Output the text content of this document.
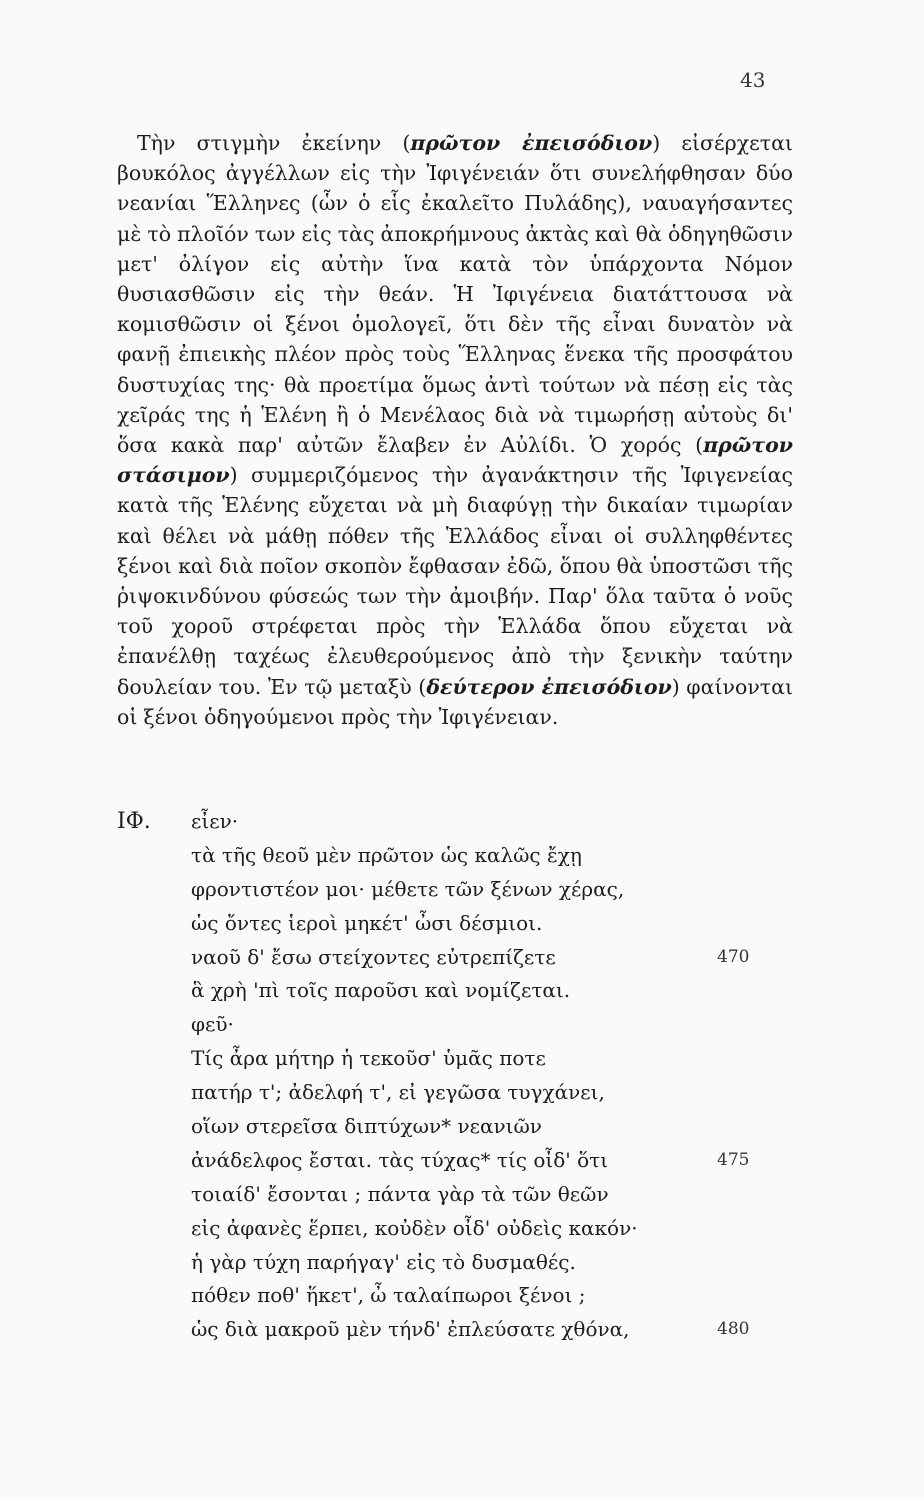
43

Τὴν στιγμὴν ἐκείνην (πρῶτον ἐπεισόδιον) εἰσέρχεται βουκόλος ἀγγέλλων εἰς τὴν Ἰφιγένειάν ὅτι συνελήφθησαν δύο νεανίαι Ἕλληνες (ὧν ὁ εἷς ἐκαλεῖτο Πυλάδης), ναυαγήσαντες μὲ τὸ πλοῖόν των εἰς τὰς ἀποκρήμνους ἀκτὰς καὶ θὰ ὁδηγηθῶσιν μετ' ὀλίγον εἰς αὐτὴν ἵνα κατὰ τὸν ὑπάρχοντα Νόμον θυσιασθῶσιν εἰς τὴν θεάν. Ἡ Ἰφιγένεια διατάττουσα νὰ κομισθῶσιν οἱ ξένοι ὁμολογεῖ, ὅτι δὲν τῆς εἶναι δυνατὸν νὰ φανῇ ἐπιεικὴς πλέον πρὸς τοὺς Ἕλληνας ἕνεκα τῆς προσφάτου δυστυχίας της· θὰ προετίμα ὅμως ἀντὶ τούτων νὰ πέσῃ εἰς τὰς χεῖράς της ἡ Ἑλένη ἢ ὁ Μενέλαος διὰ νὰ τιμωρήσῃ αὐτοὺς δι' ὅσα κακὰ παρ' αὐτῶν ἔλαβεν ἐν Αὐλίδι. Ὁ χορός (πρῶτον στάσιμον) συμμεριζόμενος τὴν ἀγανάκτησιν τῆς Ἰφιγενείας κατὰ τῆς Ἑλένης εὔχεται νὰ μὴ διαφύγῃ τὴν δικαίαν τιμωρίαν καὶ θέλει νὰ μάθῃ πόθεν τῆς Ἑλλάδος εἶναι οἱ συλληφθέντες ξένοι καὶ διὰ ποῖον σκοπὸν ἔφθασαν ἐδῶ, ὅπου θὰ ὑποστῶσι τῆς ῥιψοκινδύνου φύσεώς των τὴν ἀμοιβήν. Παρ' ὅλα ταῦτα ὁ νοῦς τοῦ χοροῦ στρέφεται πρὸς τὴν Ἑλλάδα ὅπου εὔχεται νὰ ἐπανέλθῃ ταχέως ἐλευθερούμενος ἀπὸ τὴν ξενικὴν ταύτην δουλείαν του. Ἐν τῷ μεταξὺ (δεύτερον ἐπεισόδιον) φαίνονται οἱ ξένοι ὁδηγούμενοι πρὸς τὴν Ἰφιγένειαν.

ΙΦ. εἶεν·
τὰ τῆς θεοῦ μὲν πρῶτον ὡς καλῶς ἔχῃ
φροντιστέον μοι· μέθετε τῶν ξένων χέρας,
ὡς ὄντες ἱεροὶ μηκέτ' ὦσι δέσμιοι.
ναοῦ δ' ἔσω στείχοντες εὐτρεπίζετε	470
ἃ χρὴ 'πὶ τοῖς παροῦσι καὶ νομίζεται.
φεῦ·
Τίς ἆρα μήτηρ ἡ τεκοῦσ' ὑμᾶς ποτε
πατήρ τ'; ἀδελφή τ', εἰ γεγῶσα τυγχάνει,
οἵων στερεῖσα διπτύχων* νεανιῶν
ἀνάδελφος ἔσται. τὰς τύχας* τίς οἶδ' ὅτι	475
τοιαίδ' ἔσονται ; πάντα γὰρ τὰ τῶν θεῶν
εἰς ἀφανὲς ἕρπει, κοὐδὲν οἶδ' οὐδεὶς κακόν·
ἡ γὰρ τύχη παρήγαγ' εἰς τὸ δυσμαθές.
πόθεν ποθ' ἥκετ', ὦ ταλαίπωροι ξένοι ;
ὡς διὰ μακροῦ μὲν τήνδ' ἐπλεύσατε χθόνα,	480
